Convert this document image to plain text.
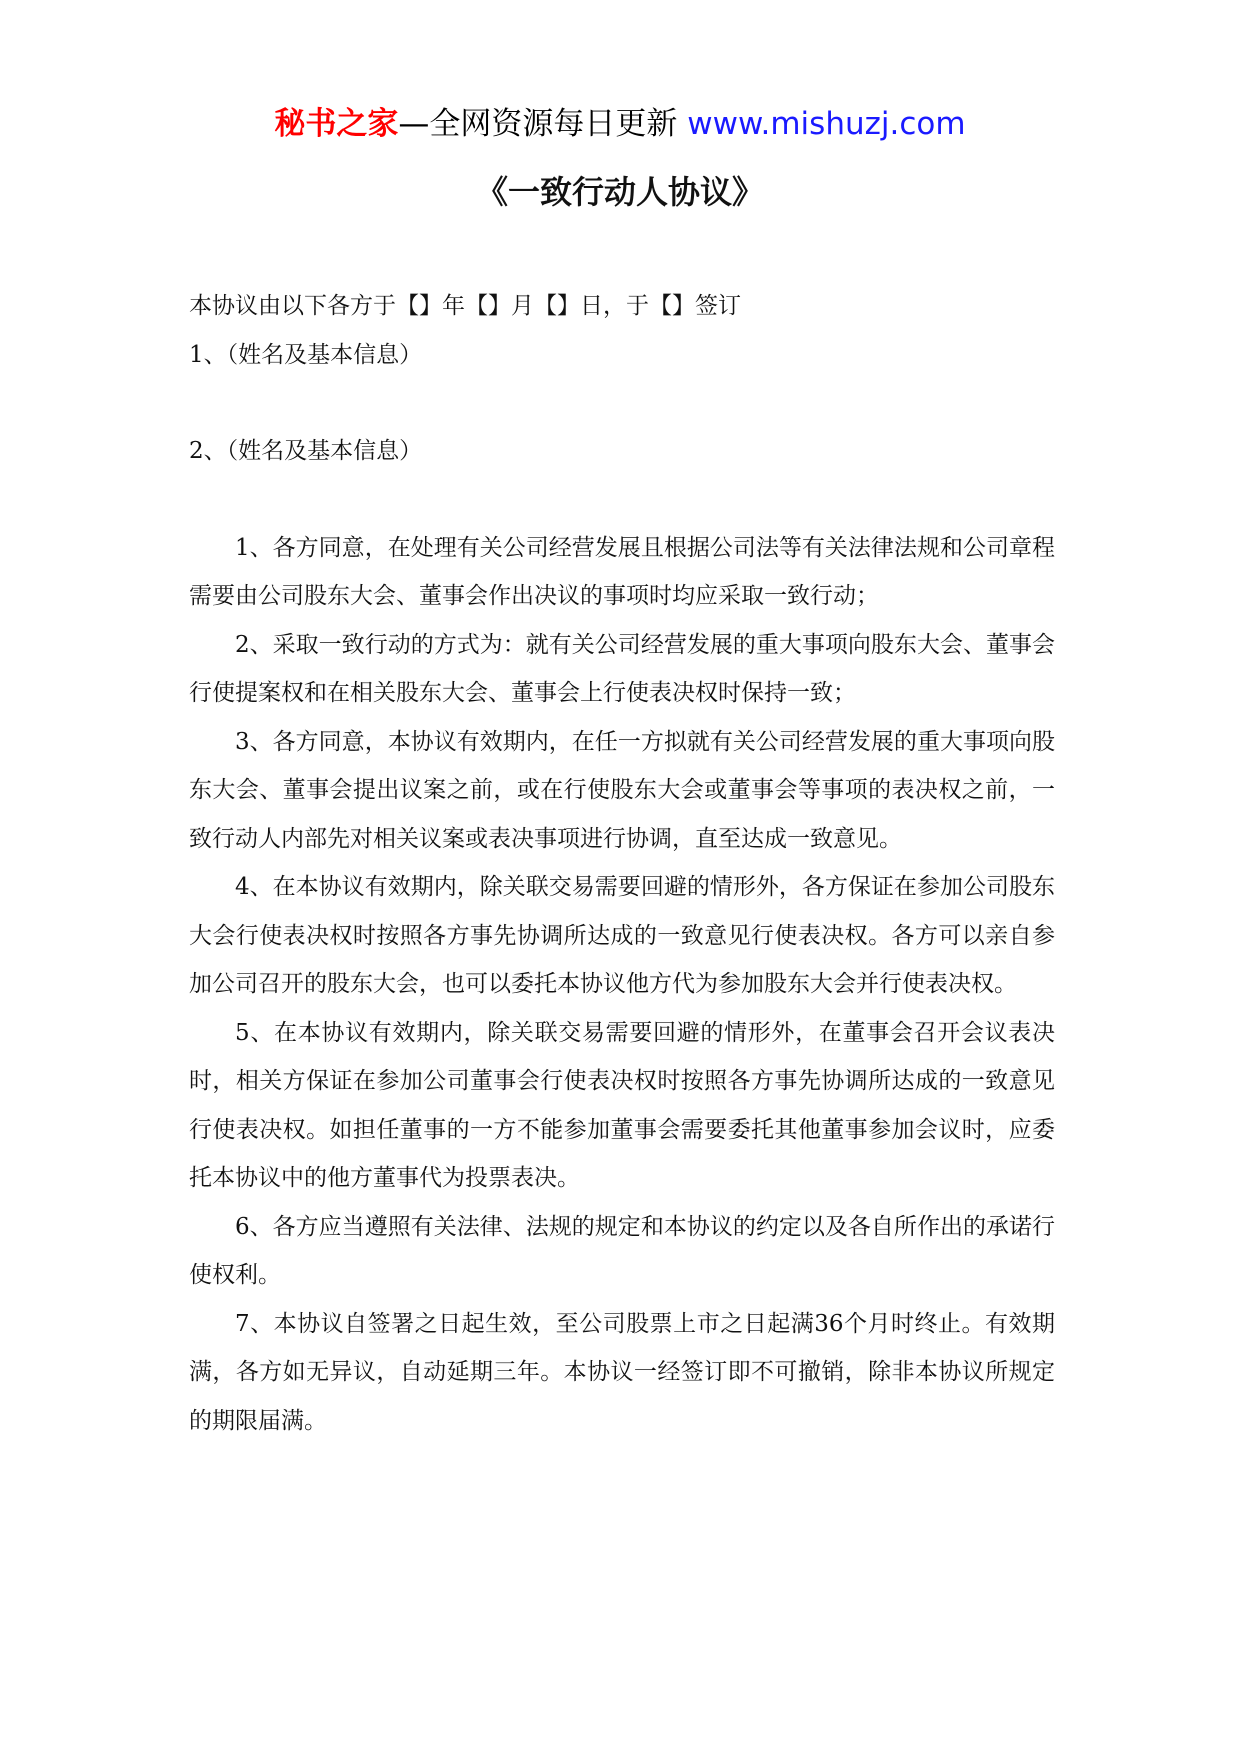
秘书之家—全网资源每日更新 www.mishuzj.com
《一致行动人协议》

本协议由以下各方于【】年【】月【】日，于【】签订

1、（姓名及基本信息）

2、（姓名及基本信息）

1、各方同意，在处理有关公司经营发展且根据公司法等有关法律法规和公司章程需要由公司股东大会、董事会作出决议的事项时均应采取一致行动；

2、采取一致行动的方式为：就有关公司经营发展的重大事项向股东大会、董事会行使提案权和在相关股东大会、董事会上行使表决权时保持一致；

3、各方同意，本协议有效期内，在任一方拟就有关公司经营发展的重大事项向股东大会、董事会提出议案之前，或在行使股东大会或董事会等事项的表决权之前，一致行动人内部先对相关议案或表决事项进行协调，直至达成一致意见。

4、在本协议有效期内，除关联交易需要回避的情形外，各方保证在参加公司股东大会行使表决权时按照各方事先协调所达成的一致意见行使表决权。各方可以亲自参加公司召开的股东大会，也可以委托本协议他方代为参加股东大会并行使表决权。

5、在本协议有效期内，除关联交易需要回避的情形外，在董事会召开会议表决时，相关方保证在参加公司董事会行使表决权时按照各方事先协调所达成的一致意见行使表决权。如担任董事的一方不能参加董事会需要委托其他董事参加会议时，应委托本协议中的他方董事代为投票表决。

6、各方应当遵照有关法律、法规的规定和本协议的约定以及各自所作出的承诺行使权利。

7、本协议自签署之日起生效，至公司股票上市之日起满36个月时终止。有效期满，各方如无异议，自动延期三年。本协议一经签订即不可撤销，除非本协议所规定的期限届满。
